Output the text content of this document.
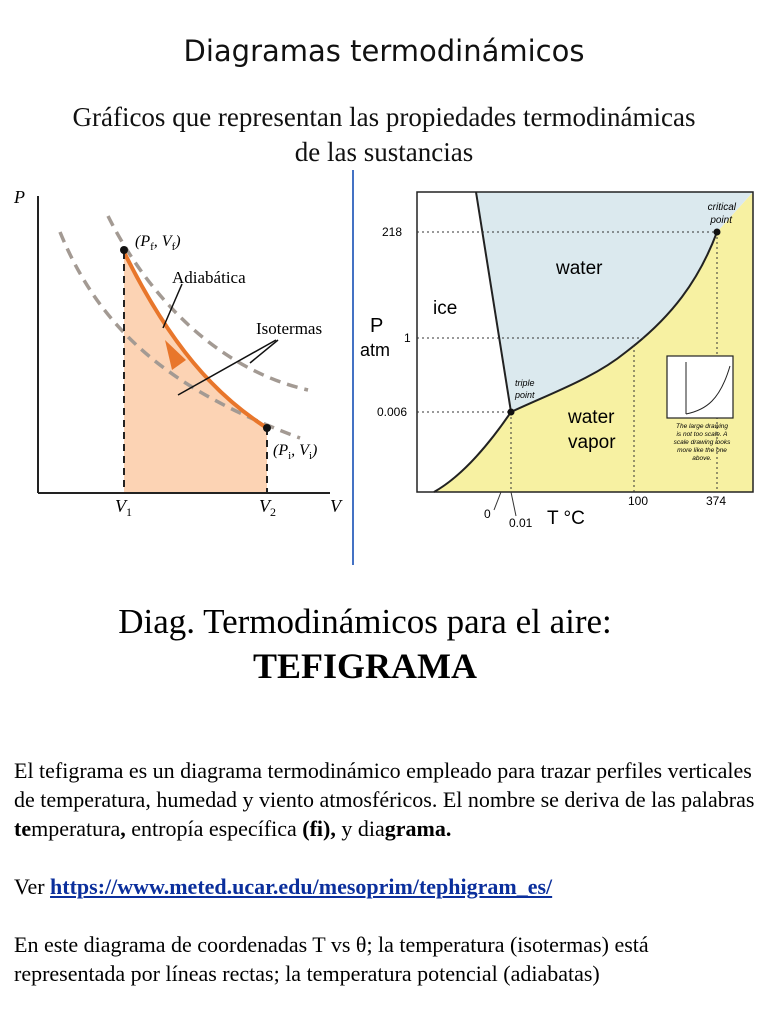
Diagramas termodinámicos
Gráficos que representan las propiedades termodinámicas
de las sustancias
P
V
$V_1$	$V_2$
($P_f$, $V_f$)
($P_i$, $V_i$)
Adiabática
Isotermas
218
1
0.006
0
0.01
100	374
T °C
P
atm
ice
water
water
vapor
critical
point
triple
point
The large drawing
is not too scale. A
scale drawing looks
more like the one
above.
Diag. Termodinámicos para el aire:
TEFIGRAMA

El tefigrama es un diagrama termodinámico empleado para trazar perfiles verticales de temperatura, humedad y viento atmosféricos. El nombre se deriva de las palabras temperatura, entropía específica (fi), y diagrama.

Ver https://www.meted.ucar.edu/mesoprim/tephigram_es/

En este diagrama de coordenadas T vs θ; la temperatura (isotermas) está representada por líneas rectas; la temperatura potencial (adiabatas)
